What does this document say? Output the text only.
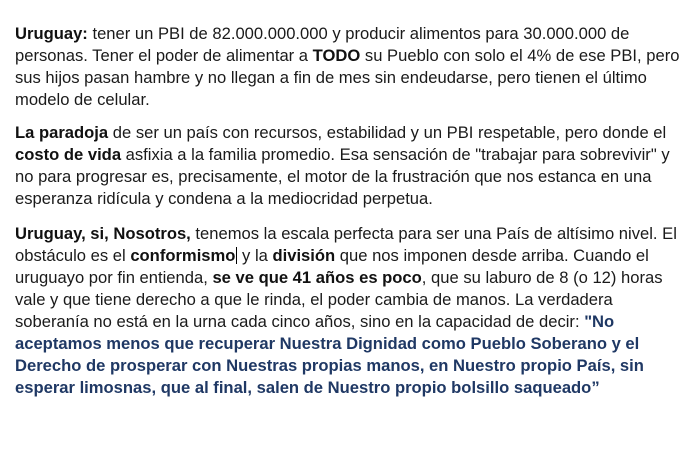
Uruguay: tener un PBI de 82.000.000.000 y producir alimentos para 30.000.000 de personas. Tener el poder de alimentar a TODO su Pueblo con solo el 4% de ese PBI, pero sus hijos pasan hambre y no llegan a fin de mes sin endeudarse, pero tienen el último modelo de celular.

La paradoja de ser un país con recursos, estabilidad y un PBI respetable, pero donde el costo de vida asfixia a la familia promedio. Esa sensación de "trabajar para sobrevivir" y no para progresar es, precisamente, el motor de la frustración que nos estanca en una esperanza ridícula y condena a la mediocridad perpetua.

Uruguay, si, Nosotros, tenemos la escala perfecta para ser una País de altísimo nivel. El obstáculo es el conformismo y la división que nos imponen desde arriba. Cuando el uruguayo por fin entienda, se ve que 41 años es poco, que su laburo de 8 (o 12) horas vale y que tiene derecho a que le rinda, el poder cambia de manos. La verdadera soberanía no está en la urna cada cinco años, sino en la capacidad de decir: "No aceptamos menos que recuperar Nuestra Dignidad como Pueblo Soberano y el Derecho de prosperar con Nuestras propias manos, en Nuestro propio País, sin esperar limosnas, que al final, salen de Nuestro propio bolsillo saqueado”
